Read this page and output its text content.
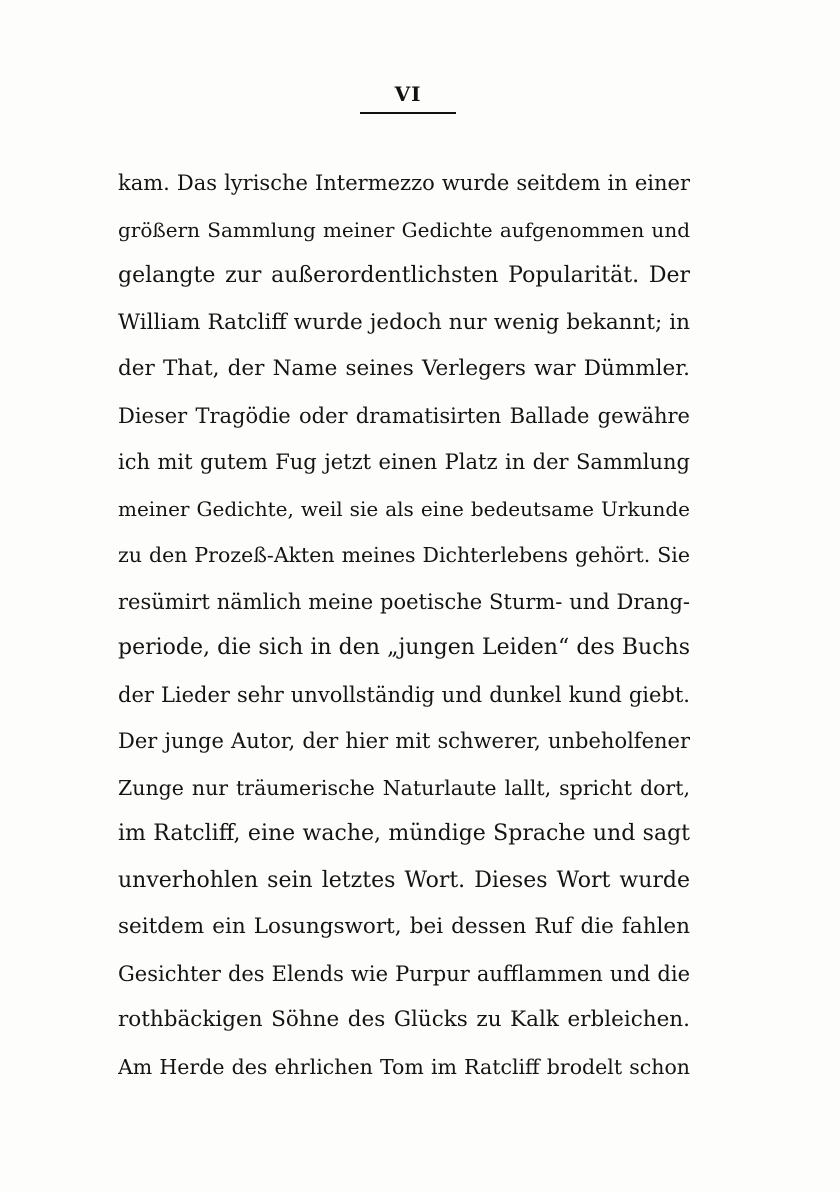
VI
kam. Das lyrische Intermezzo wurde seitdem in einer
größern Sammlung meiner Gedichte aufgenommen und
gelangte zur außerordentlichsten Popularität. Der
William Ratcliff wurde jedoch nur wenig bekannt; in
der That, der Name seines Verlegers war Dümmler.
Dieser Tragödie oder dramatisirten Ballade gewähre
ich mit gutem Fug jetzt einen Platz in der Sammlung
meiner Gedichte, weil sie als eine bedeutsame Urkunde
zu den Prozeß-Akten meines Dichterlebens gehört. Sie
resümirt nämlich meine poetische Sturm- und Drang-
periode, die sich in den „jungen Leiden“ des Buchs
der Lieder sehr unvollständig und dunkel kund giebt.
Der junge Autor, der hier mit schwerer, unbeholfener
Zunge nur träumerische Naturlaute lallt, spricht dort,
im Ratcliff, eine wache, mündige Sprache und sagt
unverhohlen sein letztes Wort. Dieses Wort wurde
seitdem ein Losungswort, bei dessen Ruf die fahlen
Gesichter des Elends wie Purpur aufflammen und die
rothbäckigen Söhne des Glücks zu Kalk erbleichen.
Am Herde des ehrlichen Tom im Ratcliff brodelt schon
